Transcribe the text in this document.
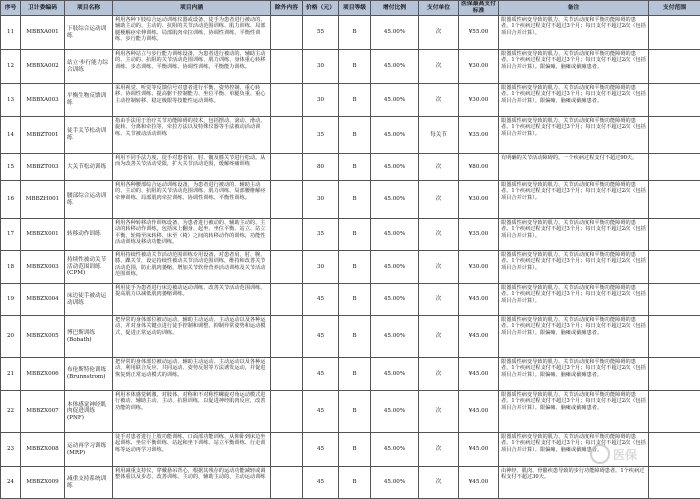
序号	卫计委编码	项目名称	项目内涵	除外内容	价格（元）	项目等级	增付比例	支付单位	医保最高支付标准	备注	支付范围
11	MBBXA001	下肢综合运动训练	利用各种下肢综合运动训练仪器或设备，徒手为患者进行被动的、辅助主动的、主动的、抗阻的关节活动范围训练、肌力训练、局部腿梗解痉牵伸训练、局部肌肉牵拉训练、协调性训练、平衡性训练、步行能力训练。		55	B	45.00%	次	¥55.00	限器质性病变导致的肌力、关节活动度和平衡功能障碍的患者。1个疾病过程支付不超过3个月；每日支付不超过2次（包括项目合并计算）。	
12	MBBXA002	站立·步行能力综合训练	利用各种站立与步行能力训练设备，为患者进行被动的、辅助主动的、主动的、抗阻的关节活动范围训练、肌力训练、身体重心转移训练、步态训练、平衡训练、协调性训练、平衡能力训练。		30	B	45.00%	次	¥30.00	限器质性病变导致的肌力、关节活动度和平衡功能障碍的患者。1个疾病过程支付不超过3个月；每日支付不超过2次（包括项目合并计算）。限偏瘫、脑瘫或截瘫患者。	
13	MBBXA003	平衡生物反馈训练	采用视觉、听觉等反馈信号对患者进行平衡、姿势控制、重心转移、协调性训练，提高躯干控制能力、坐位平衡、单腿负重、重心主动控制转移、稳定极限等技能性运动训练。		30	B	45.00%	次	¥30.00	限器质性病变导致的肌力、关节活动度和平衡功能障碍的患者。1个疾病过程支付不超过3个月；每日支付不超过2次（包括项目合并计算）。限偏瘫、脑瘫或截瘫患者。	
14	MBBZT001	徒手关节松动训练	指由手法用于治疗关节功能障碍的技术，包括摆动、滚动、滑动、旋转、分离和牵拉等，牵拉方法以及特殊仪器等手法被动活动训练、关节被动活动训练		35	B	45.00%	每关节	¥35.00	限器质性病变导致的肌力、关节活动度和平衡功能障碍的患者。1个疾病过程支付不超过3个月；每日支付不超过2次（包括项目合并计算）。	
15	MBBZT003	大关节松动训练	利用不同手法力度，徒手对患者肩、肘、髋及膝关节进行松动。从而为改善关节活动受限，扩大关节活动范围，缓解疼痛训练		80	B	45.00%	次	¥80.00	有明确的关节活动障碍的。一个疾病过程支付不超过90天。	
16	MBBZH001	腰部综合运动训练	利用各种腰部综合运动训练设备，为患者进行被动的、辅助主动的、主动的、抗阻的关节活动范围训练、肌力训练、局部腰椎解痉牵伸训练、局部肌肉牵拉训练、协调性训练、平衡性训练。		30	B	45.00%	次	¥30.00	限器质性病变导致的肌力、关节活动度和平衡功能障碍的患者。1个疾病过程支付不超过3个月；每日支付不超过2次（包括项目合并计算）。	
17	MBBZX001	转移动作训练	利用各种转移动作训练设备，为患者进行被动的、辅助主动的、主动的转移动作训练，包括床上翻身、起坐、坐位平衡、站立、站立平衡、轮椅至床转移、床至（椅）之间的转移动作的训练，功能性活动训练及移动功能训练。		35	B	45.00%	次	¥35.00	限器质性病变导致的肌力、关节活动度和平衡功能障碍的患者。1个疾病过程支付不超过3个月；每日支付不超过2次（包括项目合并计算）。	
18	MBBZX003	持续性被动关节活动范围训练(CPM)	利用持续性被动关节活动范围训练专用设备，对患者肩、肘、腕、膝、踝关节，设定持续性被动关节活动范围训练，维持和改善关节活动范围，防止肌肉萎缩，增加关节软骨营养活动训练及关节活动范围训练。		30	B	45.00%	次	¥30.00	限器质性病变导致的肌力、关节活动度和平衡功能障碍的患者。1个疾病过程支付不超过3个月；每日支付不超过2次（包括项目合并计算）。	
19	MBBZX004	床边徒手被动运动训练	利用徒手为患者进行床边被动运动训练，改善关节活动范围训练，提高肌力以减低肌肉萎缩训练。		45	B	45.00%	次	¥45.00	限器质性病变导致的肌力、关节活动度和平衡功能障碍的患者。1个疾病过程支付不超过3个月；每日支付不超过2次（包括项目合并计算）。	
20	MBBZX005	博巴斯训练(Bobath)	把异常的身体部位被动运动、辅助主动运动、主动运动以及各种运动，并对身体关键点进行徒手控制和调整，抑制异常姿势和运动模式，促进正常运动的训练。		45	B	45.00%	次	¥45.00	限器质性病变导致的肌力、关节活动度和平衡功能障碍的患者。1个疾病过程支付不超过3个月；每日支付不超过2次（包括项目合并计算）。限偏瘫、脑瘫或截瘫患者。	
21	MBBZX006	布伦斯特伦训练(Brunnstrom)	把异常的身体部位被动运动、辅助主动运动、主动运动以及各种运动，利用联合反应、共同运动、姿势反射等方法诱发运动，并促进恢复到正常运动模式的训练。		45	B	45.00%	次	¥45.00	限器质性病变导致的肌力、关节活动度和平衡功能障碍的患者。1个疾病过程支付不超过3个月；每日支付不超过2次（包括项目合并计算）。限偏瘫、脑瘫或截瘫患者。	
22	MBBZX007	本体感觉神经肌肉促进训练(PNF)	利用本体感觉刺激，对肢体、对称和不对称性螺旋对角运动模式进行被动、辅助主动、主动、抗阻训练，以促进神经肌肉反应，改善功能的训练。		45	B	45.00%	次	¥45.00	限器质性病变导致的肌力、关节活动度和平衡功能障碍的患者。1个疾病过程支付不超过3个月；每日支付不超过2次（包括项目合并计算）。限偏瘫、脑瘫或截瘫患者。	
23	MBBZX008	运动再学习训练(MRP)	徒手对患者进行上肢功能训练、口面部功能训练、从仰卧到床边坐起训练、坐位平衡训练、站起和坐下训练、站立平衡训练、行走训练等运动再学习训练。		45	B	45.00%	次	¥45.00	限器质性病变导致的肌力、关节活动度和平衡功能障碍的患者。1个疾病过程支付不超过3个月；每日支付不超过2次（包括项目合并计算）。限偏瘫、脑瘫或截瘫患者。	
24	MBBZX009	减重支持系统训练	利用减重支持仪，穿戴悬吊背心，根据其残存的运动功能减轻或调整体重以及步态，改善训练、主动的、辅助主动的、主动运动训练		45	B	45.00%	次	¥45.00	由神经、肌肉、骨骼疾患导致的步行功能障碍患者。1个疾病过程支付不超过30天。	
医保
